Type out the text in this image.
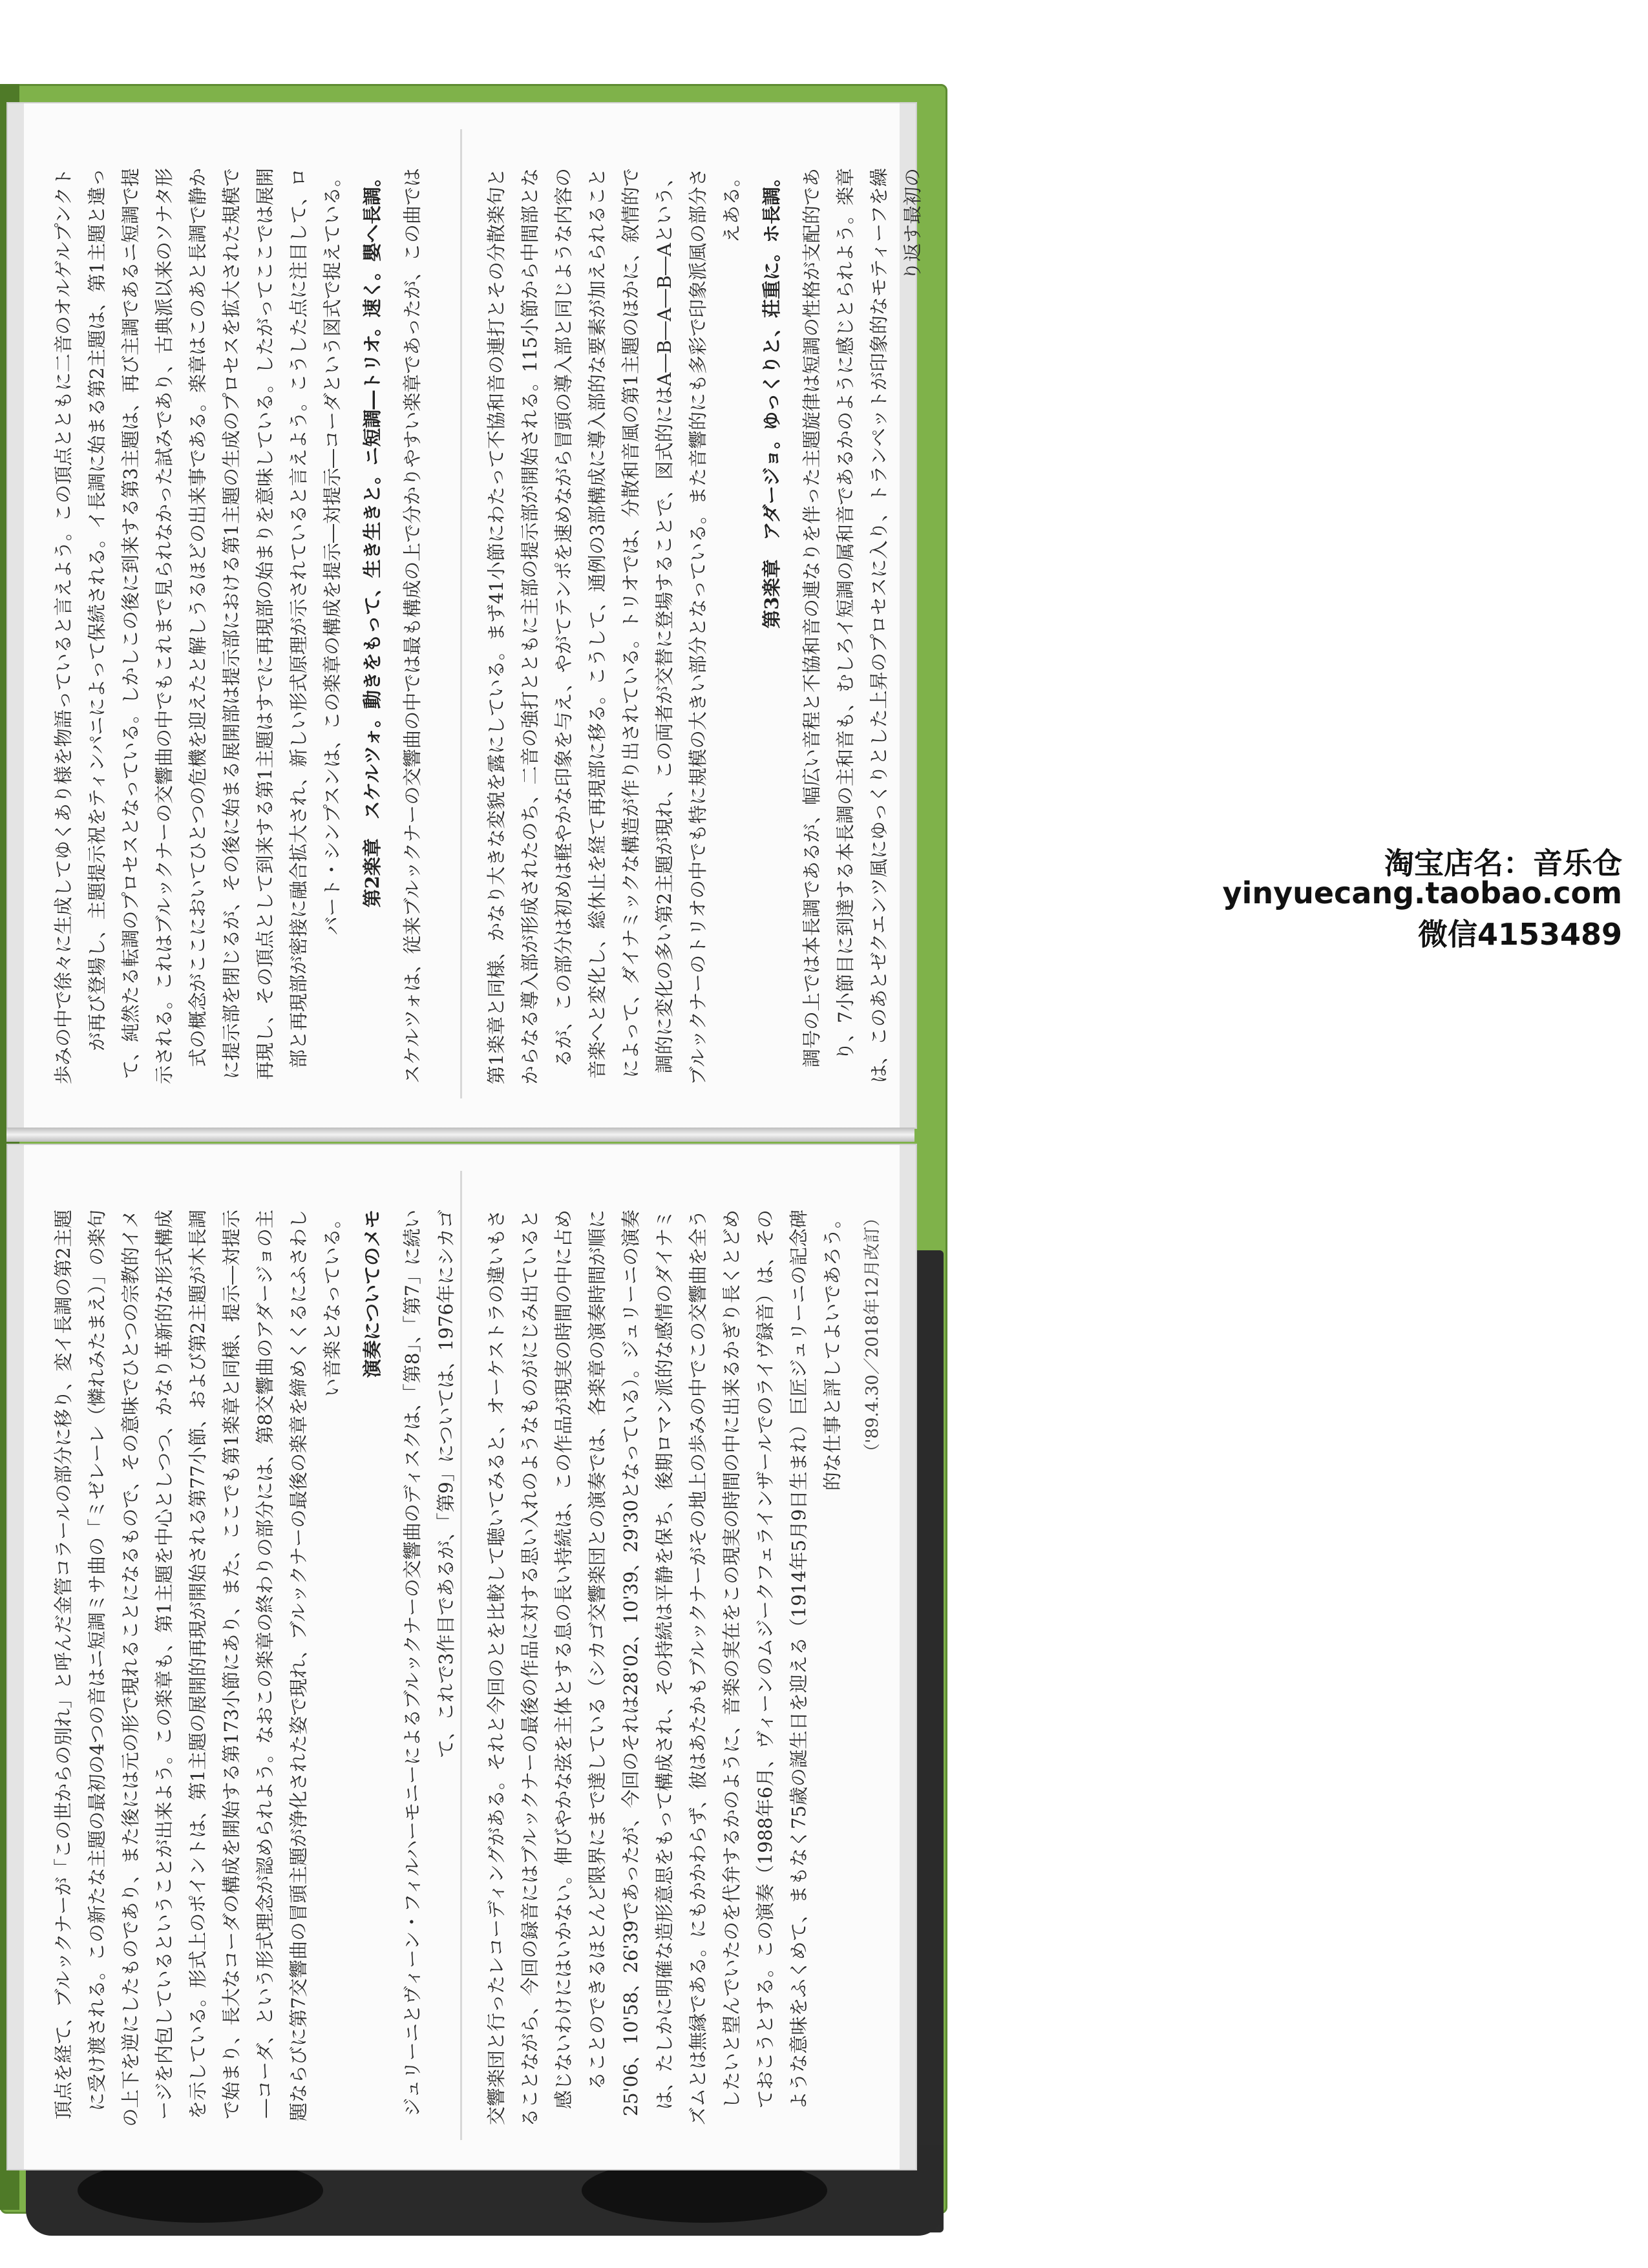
歩みの中で徐々に生成してゆくあり様を物語っていると言えよう。この頂点とともに二音のオルゲルプンクトが再び登場し、主題提示祝をティンパニによって保続される。イ長調に始まる第2主題は、第1主題と違って、純然たる転調のプロセスとなっている。しかしこの後に到来する第3主題は、再び主調であるニ短調で提示される。これはブルックナーの交響曲の中でもこれまで見られなかった試みであり、古典派以来のソナタ形式の概念がここにおいてひとつの危機を迎えたと解しうるほどの出来事である。楽章はこのあと長調で静かに提示部を閉じるが、その後に始まる展開部は提示部における第1主題の生成のプロセスを拡大された規模で再現し、その頂点として到来する第1主題はすでに再現部の始まりを意味している。したがってここでは展開部と再現部が密接に融合拡大され、新しい形式原理が示されていると言えよう。こうした点に注目して、ロバート・シンプスンは、この楽章の構成を提示―対提示―コーダという図式で捉えている。 第2楽章　スケルツォ。動きをもって、生き生きと。ニ短調―トリオ。速く。嬰ヘ長調。 スケルツォは、従来ブルックナーの交響曲の中では最も構成の上で分かりやすい楽章であったが、この曲では	第1楽章と同様、かなり大きな変貌を露にしている。まず41小節にわたって不協和音の連打とその分散楽句とからなる導入部が形成されたのち、二音の強打とともに主部の提示部が開始される。115小節から中間部となるが、この部分は初めは軽やかな印象を与え、やがてテンポを速めながら冒頭の導入部と同じような内容の音楽へと変化し、総休止を経て再現部に移る。こうして、通例の3部構成に導入部的な要素が加えられることによって、ダイナミックな構造が作り出されている。トリオでは、分散和音風の第1主題のほかに、叙情的で調的に変化の多い第2主題が現れ、この両者が交替に登場することで、図式的にはA―B―A―B―Aという、ブルックナーのトリオの中でも特に規模の大きい部分となっている。また音響的にも多彩で印象派風の部分さえある。 第3楽章　アダージョ。ゆっくりと、荘重に。ホ長調。 調号の上では本長調であるが、幅広い音程と不協和音の連なりを伴った主題旋律は短調の性格が支配的であり、7小節目に到達する本長調の主和音も、むしろイ短調の属和音であるかのように感じとられよう。楽章は、このあとゼクエンツ風にゆっくりとした上昇のプロセスに入り、トランペットが印象的なモティーフを繰り返す最初の

頂点を経て、ブルックナーが「この世からの別れ」と呼んだ金管コラールの部分に移り、変イ長調の第2主題に受け渡される。この新たな主題の最初の4つの音はニ短調ミサ曲の「ミゼレーレ（憐れみたまえ）」の楽句の上下を逆にしたものであり、また後には元の形で現れることになるもので、その意味でひとつの宗教的イメージを内包しているということが出来よう。この楽章も、第1主題を中心としつつ、かなり革新的な形式構成を示している。形式上のポイントは、第1主題の展開的再現が開始される第77小節、および第2主題が木長調で始まり、長大なコーダの構成を開始する第173小節にあり、また、ここでも第1楽章と同様、提示―対提示―コーダ、という形式理念が認められよう。なおこの楽章の終わりの部分には、第8交響曲のアダージョの主題ならびに第7交響曲の冒頭主題が浄化された姿で現れ、ブルックナーの最後の楽章を締めくくるにふさわしい音楽となっている。 演奏についてのメモ ジュリーニとヴィーン・フィルハーモニーによるブルックナーの交響曲のディスクは、「第8」、「第7」に続いて、これで3作目であるが、「第9」については、1976年にシカゴ	交響楽団と行ったレコーディングがある。それと今回のとを比較して聴いてみると、オーケストラの違いもさることながら、今回の録音にはブルックナーの最後の作品に対する思い入れのようなものがにじみ出ていると感じないわけにはいかない。伸びやかな弦を主体とする息の長い持続は、この作品が現実の時間の中に占めることのできるほとんど限界にまで達している（シカゴ交響楽団との演奏では、各楽章の演奏時間が順に25'06、10'58、26'39であったが、今回のそれは28'02、10'39、29'30となっている）。ジュリーニの演奏は、たしかに明確な造形意思をもって構成され、その持続は平静を保ち、後期ロマン派的な感情のダイナミズムとは無縁である。にもかかわらず、彼はあたかもブルックナーがその地上の歩みの中でこの交響曲を全うしたいと望んでいたのを代弁するかのように、音楽の実在をこの現実の時間の中に出来るかぎり長くとどめておこうとする。この演奏（1988年6月、ヴィーンのムジークフェラインザールでのライヴ録音）は、そのような意味をふくめて、まもなく75歳の誕生日を迎える（1914年5月9日生まれ）巨匠ジュリーニの記念碑的な仕事と評してよいであろう。	（'89.4.30／2018年12月改訂）

淘宝店名：音乐仓
yinyuecang.taobao.com
微信4153489
